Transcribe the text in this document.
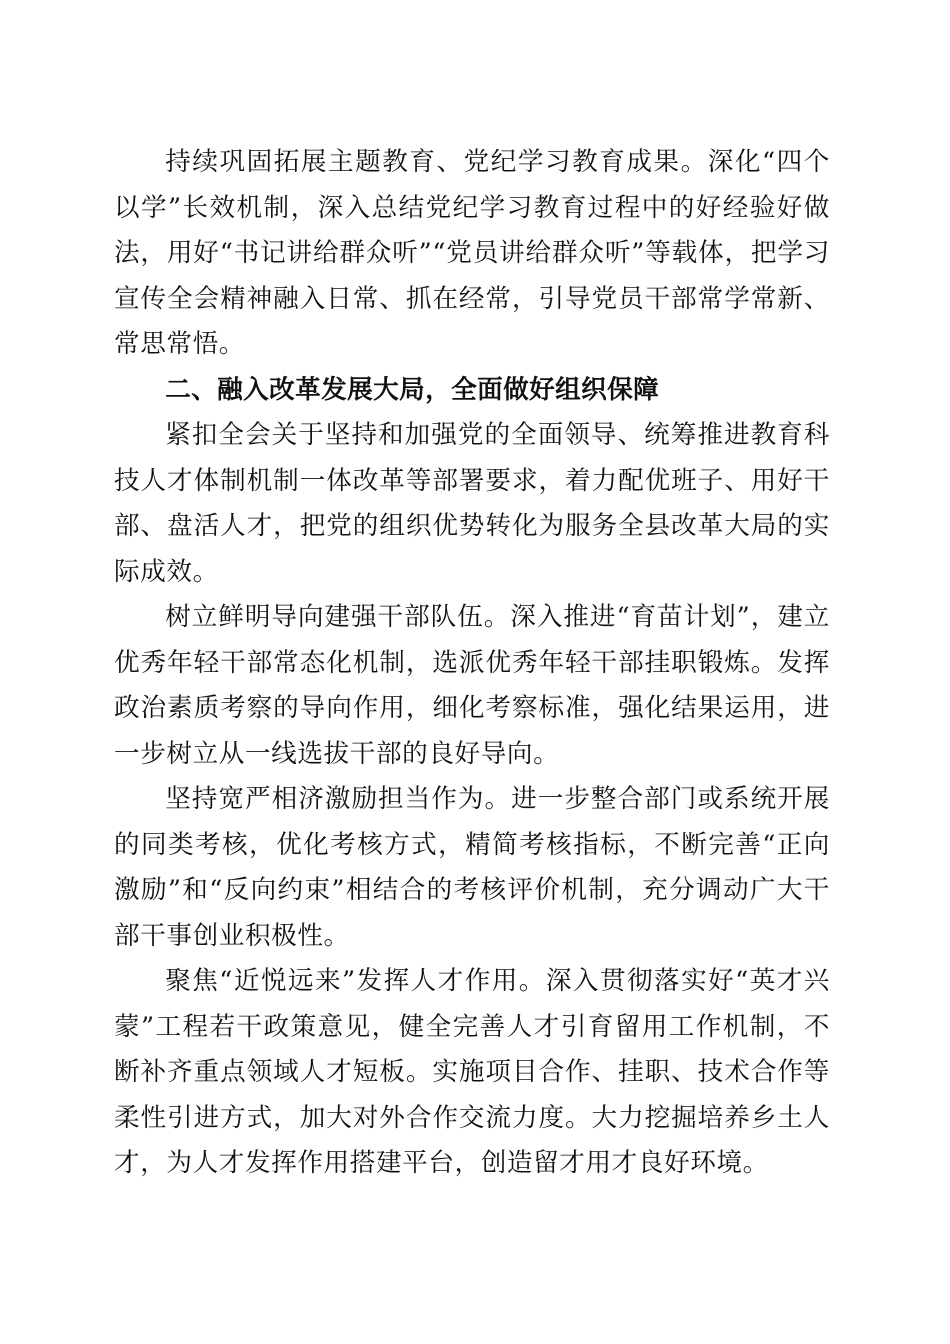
持续巩固拓展主题教育、党纪学习教育成果。深化“四个以学”长效机制，深入总结党纪学习教育过程中的好经验好做法，用好“书记讲给群众听”“党员讲给群众听”等载体，把学习宣传全会精神融入日常、抓在经常，引导党员干部常学常新、常思常悟。

二、融入改革发展大局，全面做好组织保障

紧扣全会关于坚持和加强党的全面领导、统筹推进教育科技人才体制机制一体改革等部署要求，着力配优班子、用好干部、盘活人才，把党的组织优势转化为服务全县改革大局的实际成效。

树立鲜明导向建强干部队伍。深入推进“育苗计划”，建立优秀年轻干部常态化机制，选派优秀年轻干部挂职锻炼。发挥政治素质考察的导向作用，细化考察标准，强化结果运用，进一步树立从一线选拔干部的良好导向。

坚持宽严相济激励担当作为。进一步整合部门或系统开展的同类考核，优化考核方式，精简考核指标，不断完善“正向激励”和“反向约束”相结合的考核评价机制，充分调动广大干部干事创业积极性。

聚焦“近悦远来”发挥人才作用。深入贯彻落实好“英才兴蒙”工程若干政策意见，健全完善人才引育留用工作机制，不断补齐重点领域人才短板。实施项目合作、挂职、技术合作等柔性引进方式，加大对外合作交流力度。大力挖掘培养乡土人才，为人才发挥作用搭建平台，创造留才用才良好环境。
